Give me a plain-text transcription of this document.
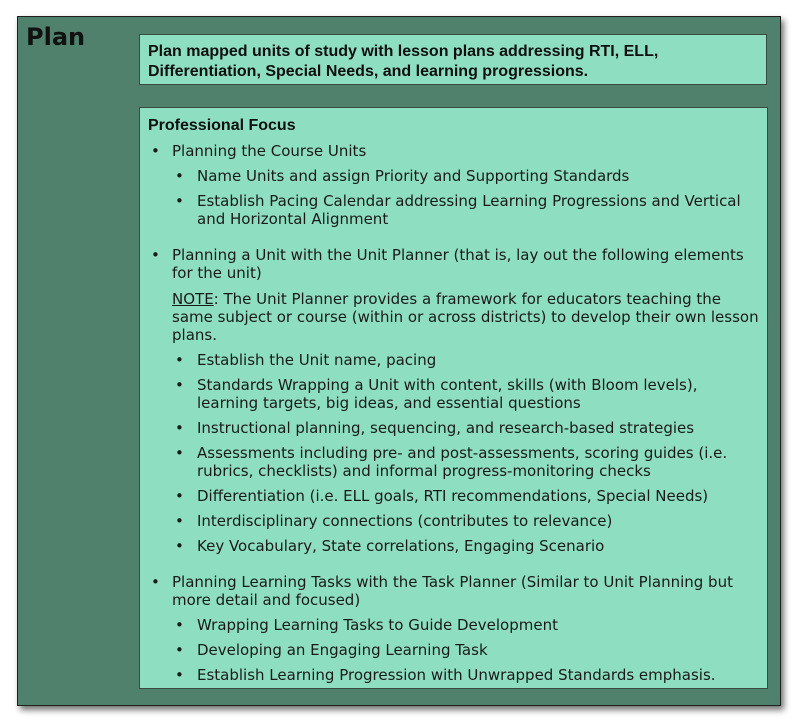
Plan

Plan mapped units of study with lesson plans addressing RTI, ELL, Differentiation, Special Needs, and learning progressions.

Professional Focus
• Planning the Course Units
• Name Units and assign Priority and Supporting Standards
• Establish Pacing Calendar addressing Learning Progressions and Vertical and Horizontal Alignment
• Planning a Unit with the Unit Planner (that is, lay out the following elements for the unit)

NOTE: The Unit Planner provides a framework for educators teaching the same subject or course (within or across districts) to develop their own lesson plans.

• Establish the Unit name, pacing
• Standards Wrapping a Unit with content, skills (with Bloom levels), learning targets, big ideas, and essential questions
• Instructional planning, sequencing, and research-based strategies
• Assessments including pre- and post-assessments, scoring guides (i.e. rubrics, checklists) and informal progress-monitoring checks
• Differentiation (i.e. ELL goals, RTI recommendations, Special Needs)
• Interdisciplinary connections (contributes to relevance)
• Key Vocabulary, State correlations, Engaging Scenario
• Planning Learning Tasks with the Task Planner (Similar to Unit Planning but more detail and focused)
• Wrapping Learning Tasks to Guide Development
• Developing an Engaging Learning Task
• Establish Learning Progression with Unwrapped Standards emphasis.
